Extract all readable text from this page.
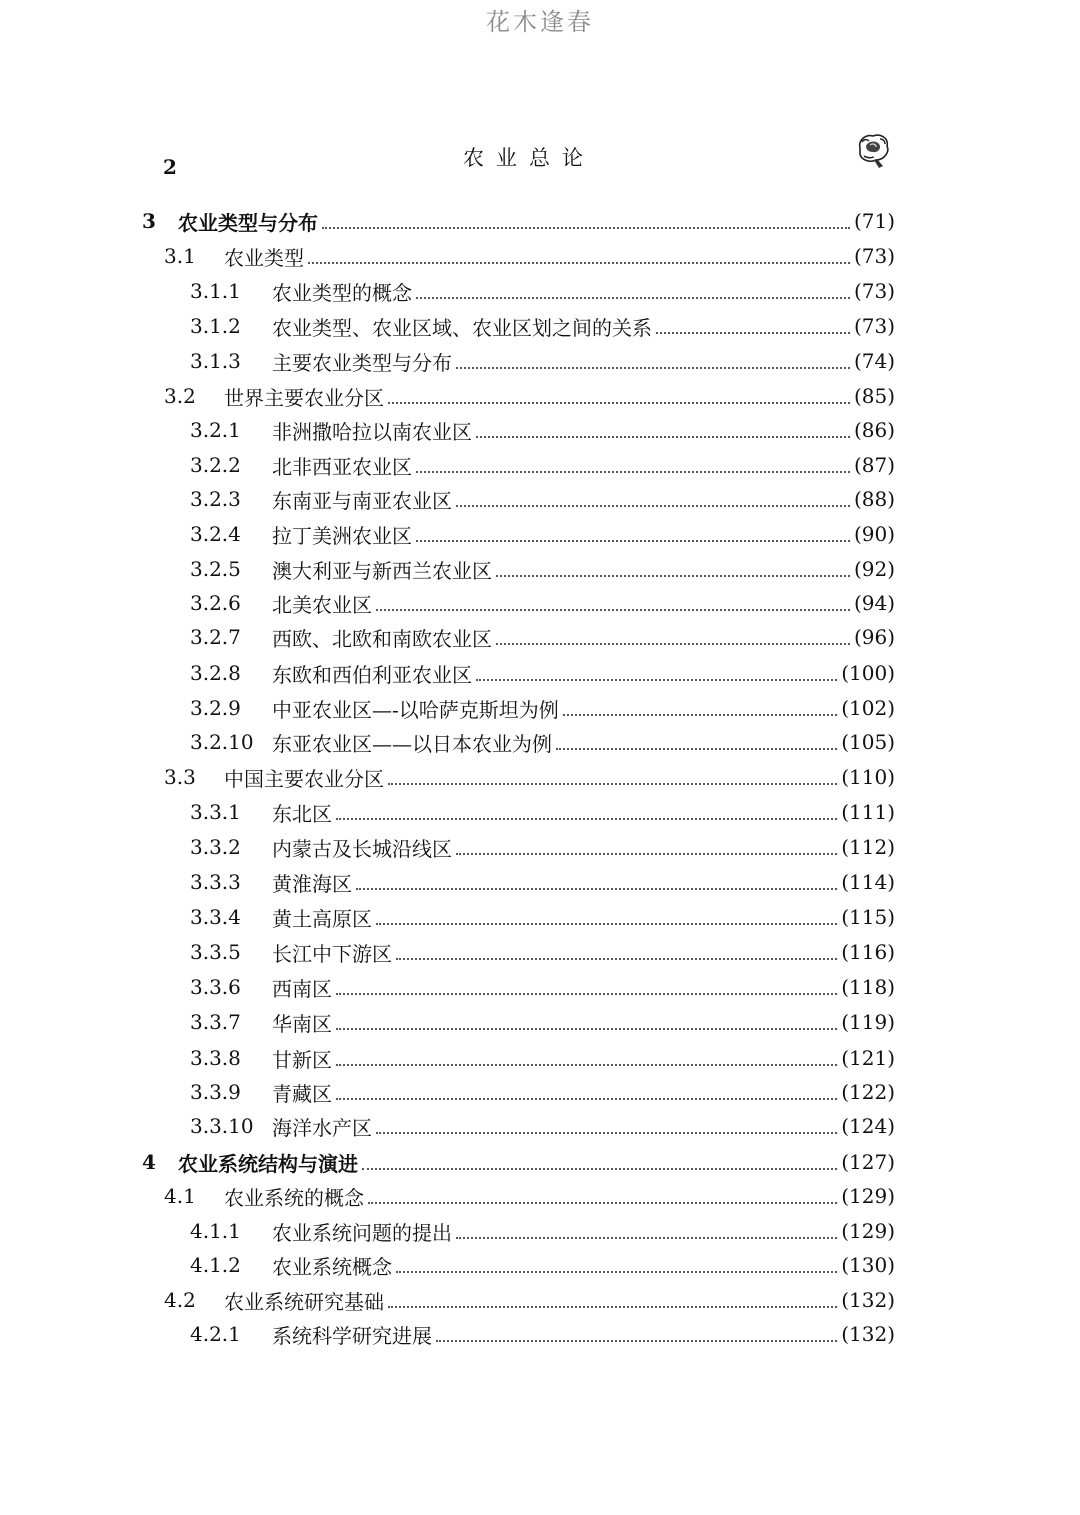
花木逢春
2	农业总论
3	农业类型与分布	(71)
3.1	农业类型	(73)
3.1.1	农业类型的概念	(73)
3.1.2	农业类型、农业区域、农业区划之间的关系	(73)
3.1.3	主要农业类型与分布	(74)
3.2	世界主要农业分区	(85)
3.2.1	非洲撒哈拉以南农业区	(86)
3.2.2	北非西亚农业区	(87)
3.2.3	东南亚与南亚农业区	(88)
3.2.4	拉丁美洲农业区	(90)
3.2.5	澳大利亚与新西兰农业区	(92)
3.2.6	北美农业区	(94)
3.2.7	西欧、北欧和南欧农业区	(96)
3.2.8	东欧和西伯利亚农业区	(100)
3.2.9	中亚农业区—-以哈萨克斯坦为例	(102)
3.2.10 东亚农业区——以日本农业为例	(105)
3.3	中国主要农业分区	(110)
3.3.1	东北区	(111)
3.3.2	内蒙古及长城沿线区	(112)
3.3.3	黄淮海区	(114)
3.3.4	黄土高原区	(115)
3.3.5	长江中下游区	(116)
3.3.6	西南区	(118)
3.3.7	华南区	(119)
3.3.8	甘新区	(121)
3.3.9	青藏区	(122)
3.3.10 海洋水产区	(124)
4	农业系统结构与演进	(127)
4.1	农业系统的概念	(129)
4.1.1	农业系统问题的提出	(129)
4.1.2	农业系统概念	(130)
4.2	农业系统研究基础	(132)
4.2.1	系统科学研究进展	(132)
